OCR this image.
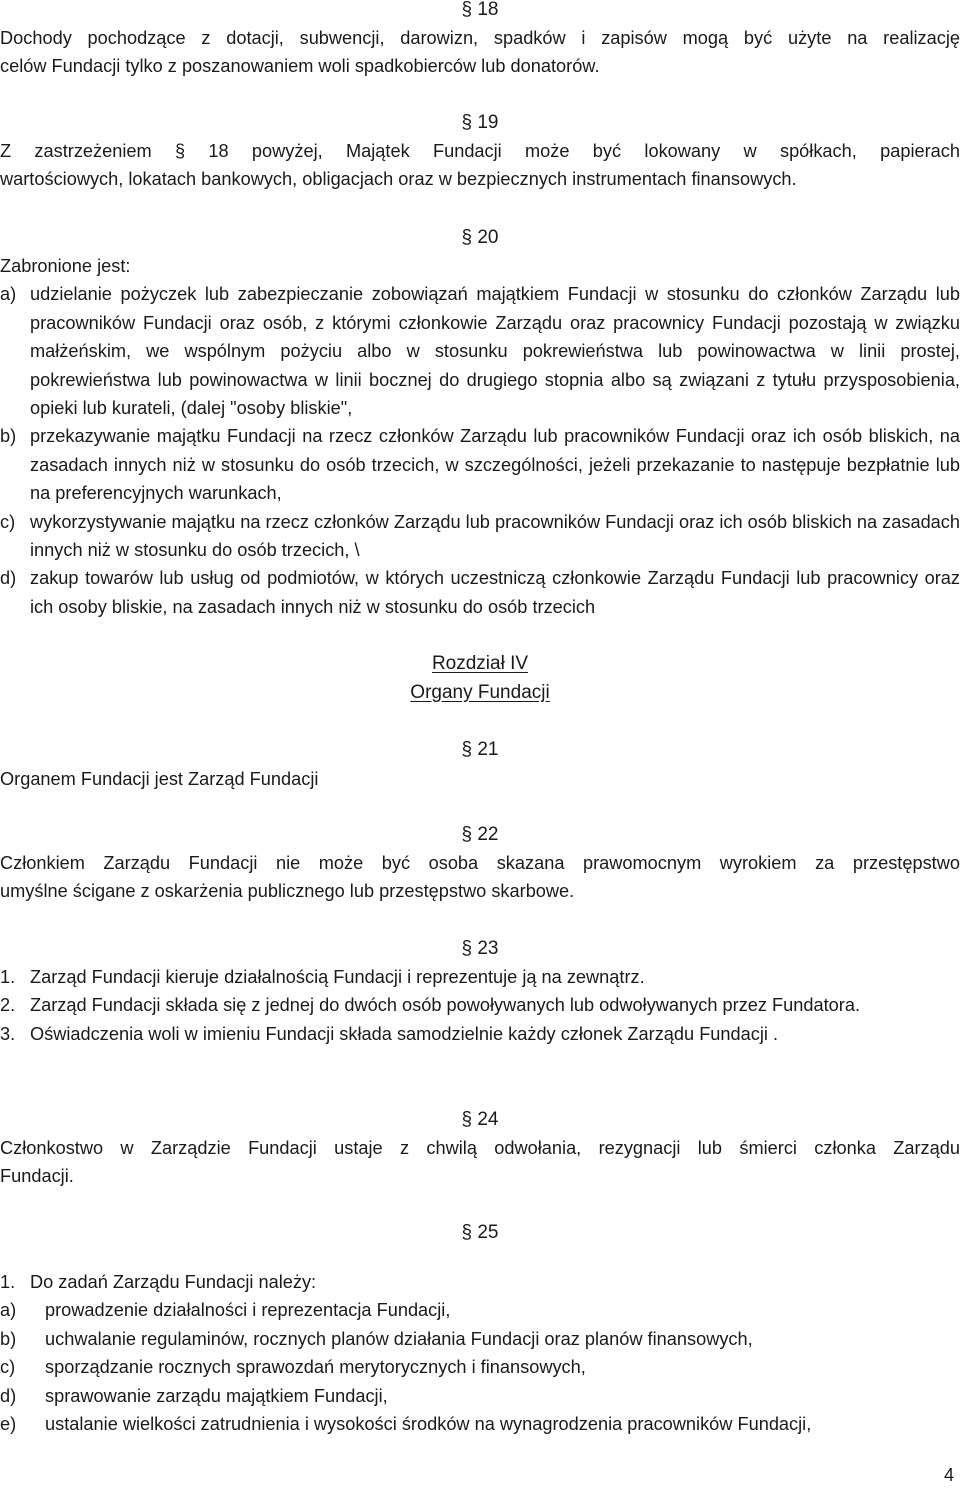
§ 18

Dochody pochodzące z dotacji, subwencji, darowizn, spadków i zapisów mogą być użyte na realizację

celów Fundacji tylko z poszanowaniem woli spadkobierców lub donatorów.

§ 19

Z zastrzeżeniem § 18 powyżej, Majątek Fundacji może być lokowany w spółkach, papierach

wartościowych, lokatach bankowych, obligacjach oraz w bezpiecznych instrumentach finansowych.

§ 20

Zabronione jest:

a) udzielanie pożyczek lub zabezpieczanie zobowiązań majątkiem Fundacji w stosunku do członków Zarządu lub pracowników Fundacji oraz osób, z którymi członkowie Zarządu oraz pracownicy Fundacji pozostają w związku małżeńskim, we wspólnym pożyciu albo w stosunku pokrewieństwa lub powinowactwa w linii prostej, pokrewieństwa lub powinowactwa w linii bocznej do drugiego stopnia albo są związani z tytułu przysposobienia, opieki lub kurateli, (dalej "osoby bliskie",
b) przekazywanie majątku Fundacji na rzecz członków Zarządu lub pracowników Fundacji oraz ich osób bliskich, na zasadach innych niż w stosunku do osób trzecich, w szczególności, jeżeli przekazanie to następuje bezpłatnie lub na preferencyjnych warunkach,
c) wykorzystywanie majątku na rzecz członków Zarządu lub pracowników Fundacji oraz ich osób bliskich na zasadach innych niż w stosunku do osób trzecich, \
d) zakup towarów lub usług od podmiotów, w których uczestniczą członkowie Zarządu Fundacji lub pracownicy oraz ich osoby bliskie, na zasadach innych niż w stosunku do osób trzecich

Rozdział IV

Organy Fundacji

§ 21

Organem Fundacji jest Zarząd Fundacji

§ 22

Członkiem Zarządu Fundacji nie może być osoba skazana prawomocnym wyrokiem za przestępstwo

umyślne ścigane z oskarżenia publicznego lub przestępstwo skarbowe.

§ 23

1. Zarząd Fundacji kieruje działalnością Fundacji i reprezentuje ją na zewnątrz.
2. Zarząd Fundacji składa się z jednej do dwóch osób powoływanych lub odwoływanych przez Fundatora.
3. Oświadczenia woli w imieniu Fundacji składa samodzielnie każdy członek Zarządu Fundacji .

§ 24

Członkostwo w Zarządzie Fundacji ustaje z chwilą odwołania, rezygnacji lub śmierci członka Zarządu

Fundacji.

§ 25

1. Do zadań Zarządu Fundacji należy:
a)	prowadzenie działalności i reprezentacja Fundacji,
b)	uchwalanie regulaminów, rocznych planów działania Fundacji oraz planów finansowych,
c)	sporządzanie rocznych sprawozdań merytorycznych i finansowych,
d)	sprawowanie zarządu majątkiem Fundacji,
e)	ustalanie wielkości zatrudnienia i wysokości środków na wynagrodzenia pracowników Fundacji,
4
